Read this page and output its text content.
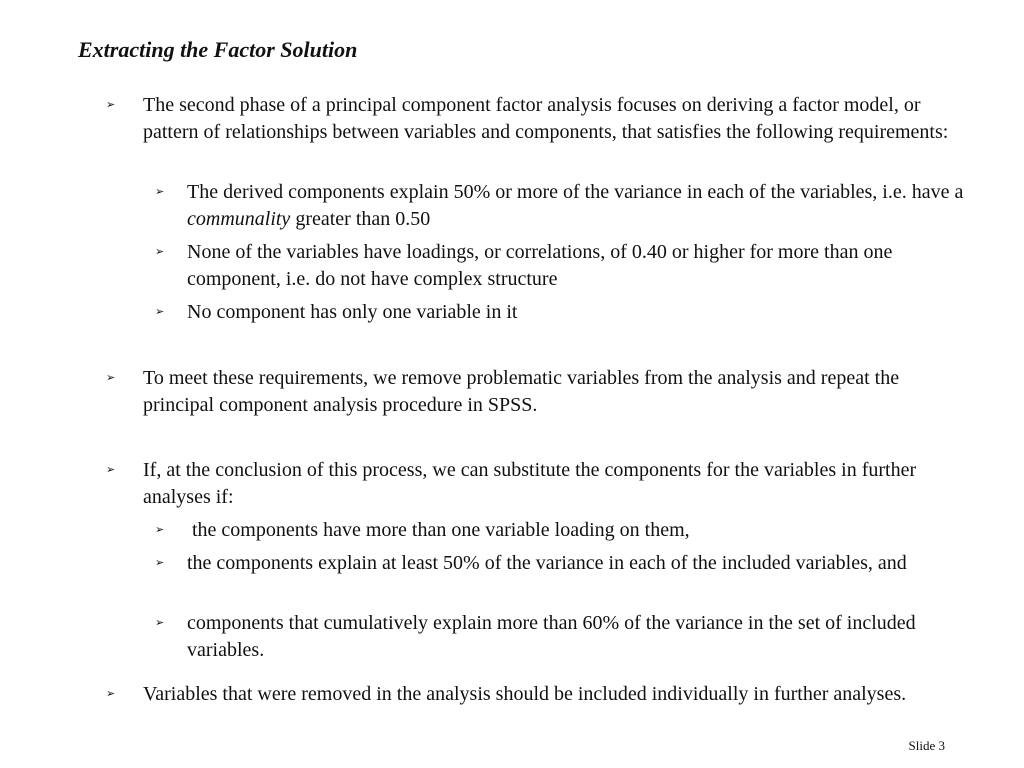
Extracting the Factor Solution
➢ The second phase of a principal component factor analysis focuses on deriving a factor model, or pattern of relationships between variables and components, that satisfies the following requirements:
➢ The derived components explain 50% or more of the variance in each of the variables, i.e. have a communality greater than 0.50
➢ None of the variables have loadings, or correlations, of 0.40 or higher for more than one component, i.e. do not have complex structure
➢ No component has only one variable in it
➢ To meet these requirements, we remove problematic variables from the analysis and repeat the principal component analysis procedure in SPSS.
➢ If, at the conclusion of this process, we can substitute the components for the variables in further analyses if:
➢ the components have more than one variable loading on them,
➢ the components explain at least 50% of the variance in each of the included variables, and
➢ components that cumulatively explain more than 60% of the variance in the set of included variables.
➢ Variables that were removed in the analysis should be included individually in further analyses.
Slide 3
